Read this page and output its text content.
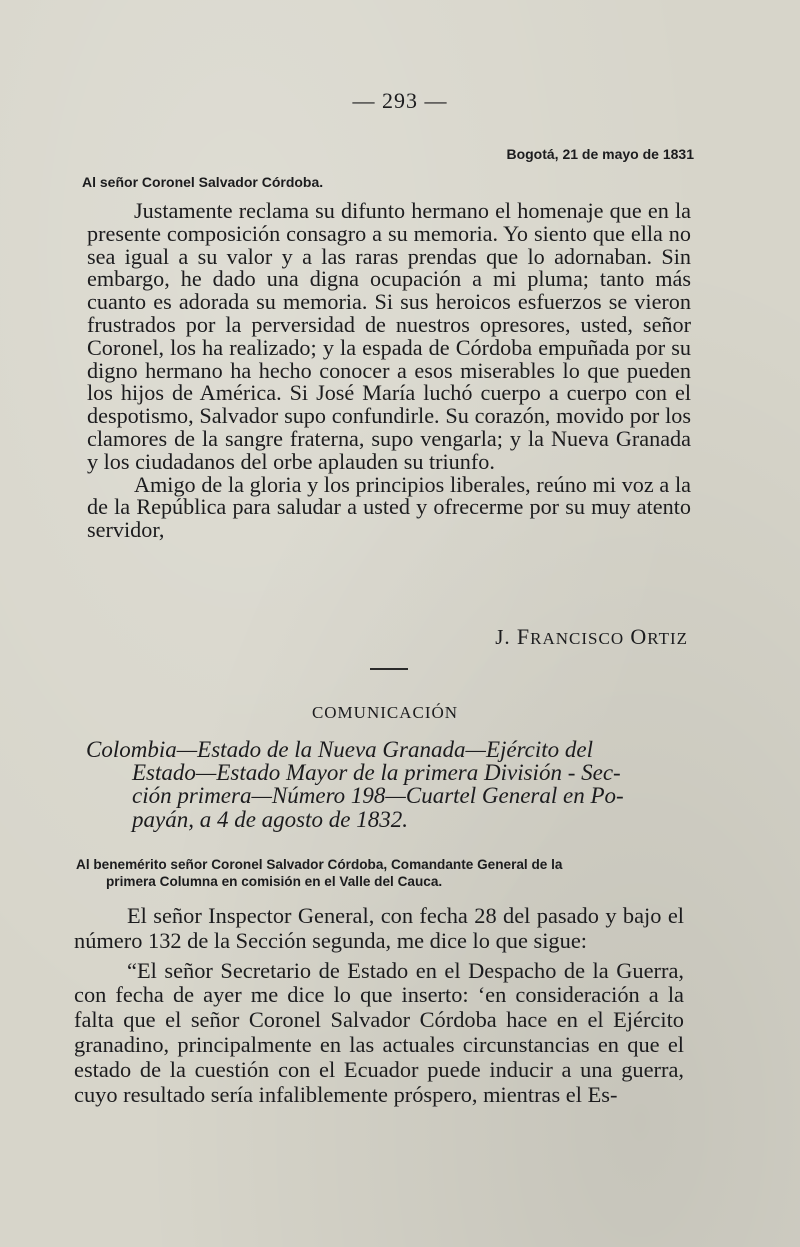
— 293 —
Bogotá, 21 de mayo de 1831
Al señor Coronel Salvador Córdoba.

Justamente reclama su difunto hermano el homenaje que en la presente composición consagro a su memoria. Yo siento que ella no sea igual a su valor y a las raras prendas que lo adornaban. Sin embargo, he dado una digna ocupación a mi pluma; tanto más cuanto es adorada su memoria. Si sus heroicos esfuerzos se vieron frustrados por la perversidad de nuestros opresores, usted, señor Coronel, los ha realizado; y la espada de Córdoba empuñada por su digno hermano ha hecho conocer a esos miserables lo que pueden los hijos de América. Si José María luchó cuerpo a cuerpo con el despotismo, Salvador supo confundirle. Su corazón, movido por los clamores de la sangre fraterna, supo vengarla; y la Nueva Granada y los ciudadanos del orbe aplauden su triunfo.

Amigo de la gloria y los principios liberales, reúno mi voz a la de la República para saludar a usted y ofrecerme por su muy atento servidor,

J. FRANCISCO ORTIZ
COMUNICACIÓN
Colombia—Estado de la Nueva Granada—Ejército del
Estado—Estado Mayor de la primera División - Sec-
ción primera—Número 198—Cuartel General en Po-
payán, a 4 de agosto de 1832.
Al benemérito señor Coronel Salvador Córdoba, Comandante General de la
primera Columna en comisión en el Valle del Cauca.

El señor Inspector General, con fecha 28 del pasado y bajo el número 132 de la Sección segunda, me dice lo que sigue:

“El señor Secretario de Estado en el Despacho de la Guerra, con fecha de ayer me dice lo que inserto: ‘en consideración a la falta que el señor Coronel Salvador Córdoba hace en el Ejército granadino, principalmente en las actuales circunstancias en que el estado de la cuestión con el Ecuador puede inducir a una guerra, cuyo resultado sería infaliblemente próspero, mientras el Es-
